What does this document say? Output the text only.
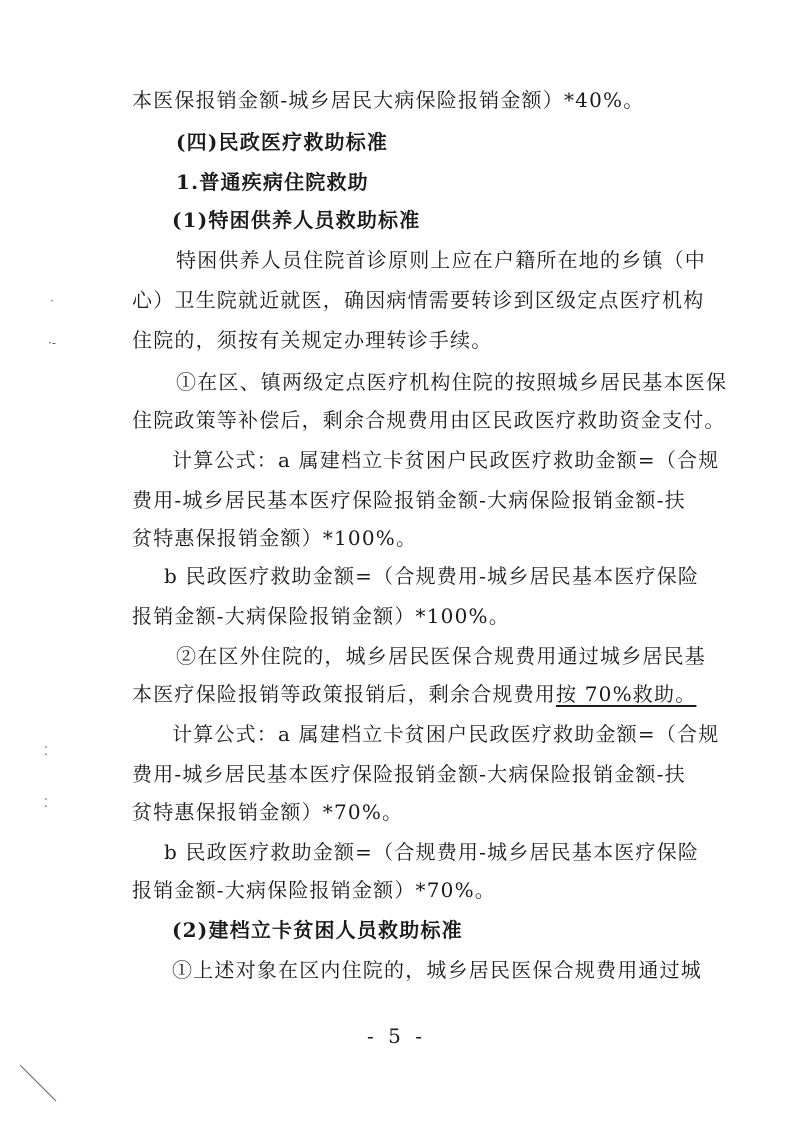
本医保报销金额-城乡居民大病保险报销金额）*40%。
(四)民政医疗救助标准
1.普通疾病住院救助
(1)特困供养人员救助标准
特困供养人员住院首诊原则上应在户籍所在地的乡镇（中
心）卫生院就近就医，确因病情需要转诊到区级定点医疗机构
住院的，须按有关规定办理转诊手续。
①在区、镇两级定点医疗机构住院的按照城乡居民基本医保
住院政策等补偿后，剩余合规费用由区民政医疗救助资金支付。
计算公式：a 属建档立卡贫困户民政医疗救助金额=（合规
费用-城乡居民基本医疗保险报销金额-大病保险报销金额-扶
贫特惠保报销金额）*100%。
b 民政医疗救助金额=（合规费用-城乡居民基本医疗保险
报销金额-大病保险报销金额）*100%。
②在区外住院的，城乡居民医保合规费用通过城乡居民基
本医疗保险报销等政策报销后，剩余合规费用按 70%救助。
计算公式：a 属建档立卡贫困户民政医疗救助金额=（合规
费用-城乡居民基本医疗保险报销金额-大病保险报销金额-扶
贫特惠保报销金额）*70%。
b 民政医疗救助金额=（合规费用-城乡居民基本医疗保险
报销金额-大病保险报销金额）*70%。
(2)建档立卡贫困人员救助标准
①上述对象在区内住院的，城乡居民医保合规费用通过城
- 5 -
ˏ
·-
⁚
⁚
